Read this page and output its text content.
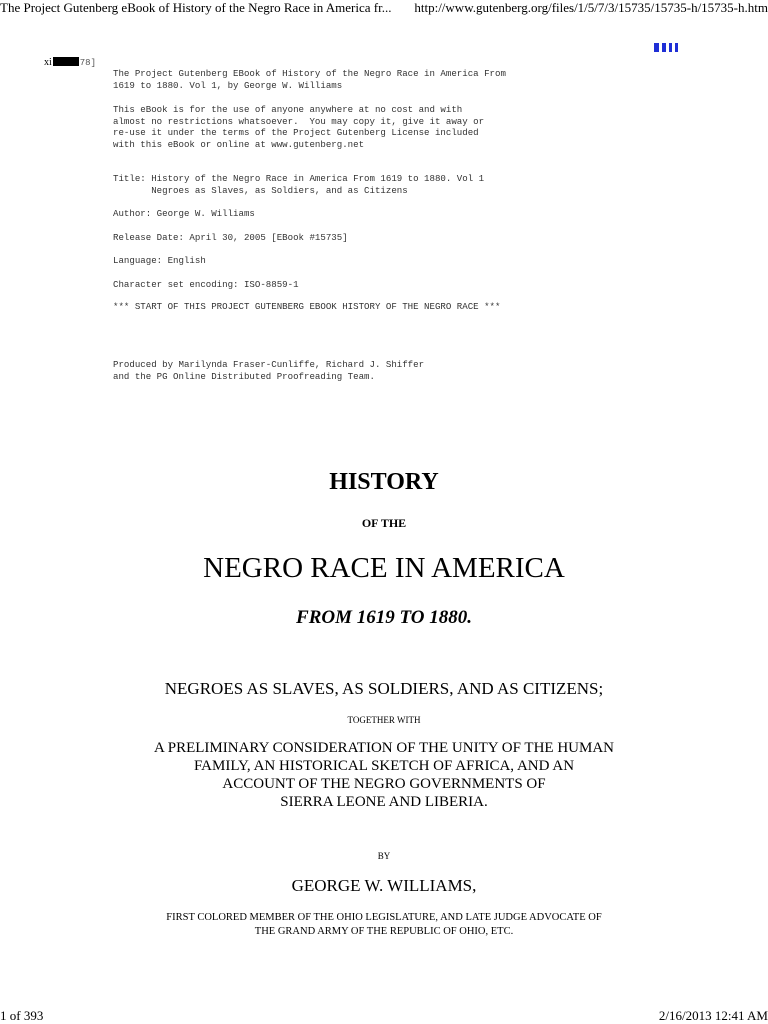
The Project Gutenberg eBook of History of the Negro Race in America fr... http://www.gutenberg.org/files/1/5/7/3/15735/15735-h/15735-h.htm
xi	78]
The Project Gutenberg EBook of History of the Negro Race in America From
1619 to 1880. Vol 1, by George W. Williams
This eBook is for the use of anyone anywhere at no cost and with
almost no restrictions whatsoever.  You may copy it, give it away or
re-use it under the terms of the Project Gutenberg License included
with this eBook or online at www.gutenberg.net
Title: History of the Negro Race in America From 1619 to 1880. Vol 1
Negroes as Slaves, as Soldiers, and as Citizens
Author: George W. Williams
Release Date: April 30, 2005 [EBook #15735]
Language: English
Character set encoding: ISO-8859-1
*** START OF THIS PROJECT GUTENBERG EBOOK HISTORY OF THE NEGRO RACE ***
Produced by Marilynda Fraser-Cunliffe, Richard J. Shiffer
and the PG Online Distributed Proofreading Team.
HISTORY
OF THE
NEGRO RACE IN AMERICA
FROM 1619 TO 1880.
NEGROES AS SLAVES, AS SOLDIERS, AND AS CITIZENS;
TOGETHER WITH
A PRELIMINARY CONSIDERATION OF THE UNITY OF THE HUMAN
FAMILY, AN HISTORICAL SKETCH OF AFRICA, AND AN
ACCOUNT OF THE NEGRO GOVERNMENTS OF
SIERRA LEONE AND LIBERIA.
BY
GEORGE W. WILLIAMS,
FIRST COLORED MEMBER OF THE OHIO LEGISLATURE, AND LATE JUDGE ADVOCATE OF
THE GRAND ARMY OF THE REPUBLIC OF OHIO, ETC.
1 of 393	2/16/2013 12:41 AM
